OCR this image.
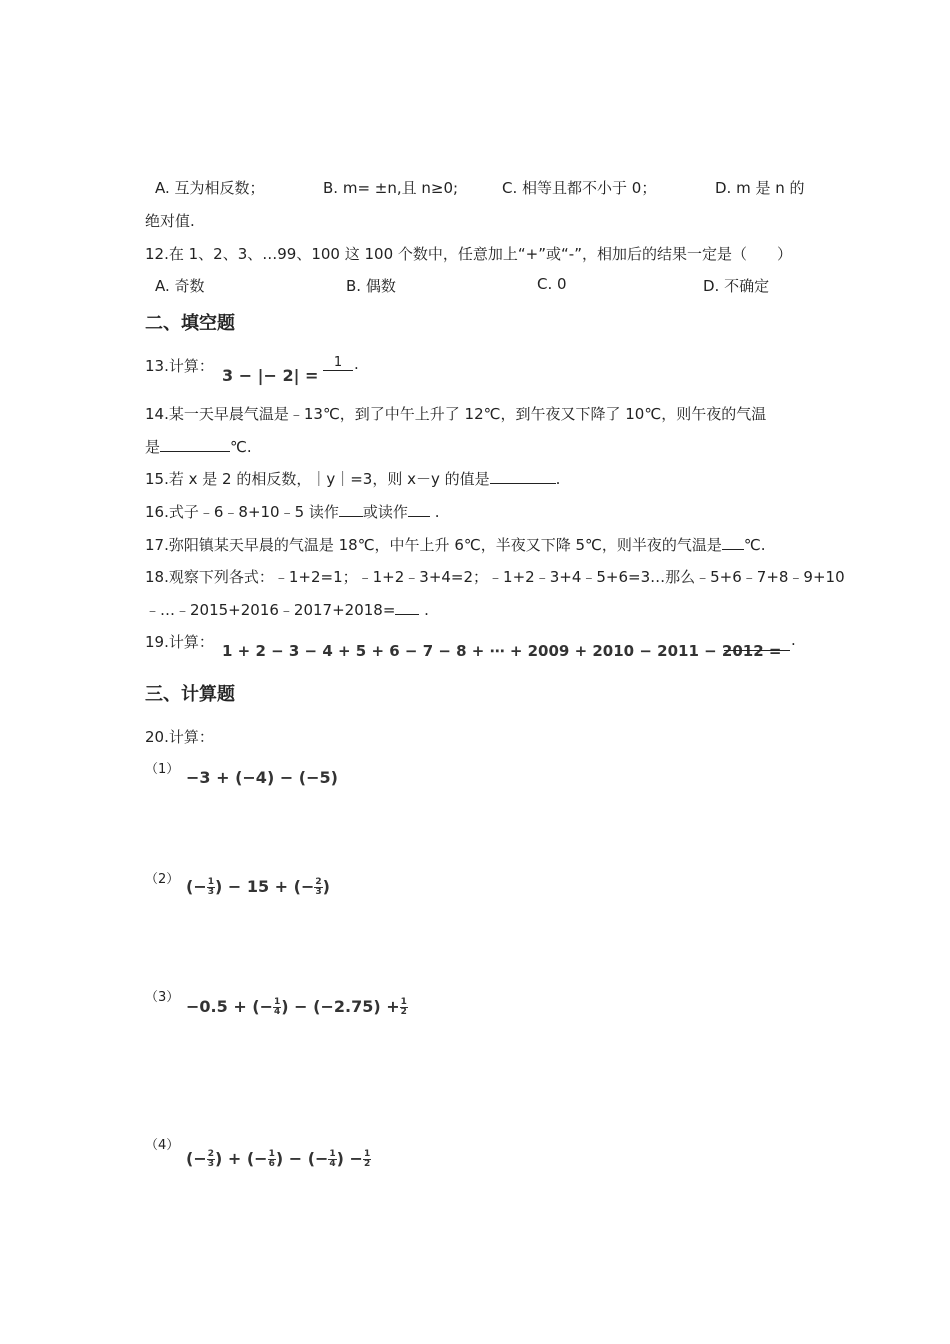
A. 互为相反数；	B. m= ±n,且 n≥0;	C. 相等且都不小于 0；	D. m 是 n 的
绝对值.
12.在 1、2、3、…99、100 这 100 个数中，任意加上“+”或“-”，相加后的结果一定是（　　）
A. 奇数	B. 偶数	C. 0	D. 不确定
二、填空题
13.计算： 3 − |− 2| =
1 .
14.某一天早晨气温是﹣13℃，到了中午上升了 12℃，到午夜又下降了 10℃，则午夜的气温
是	℃.
15.若 x 是 2 的相反数，｜y｜=3，则 x－y 的值是	.
16.式子﹣6﹣8+10﹣5 读作 或读作 .
17.弥阳镇某天早晨的气温是 18℃，中午上升 6℃，半夜又下降 5℃，则半夜的气温是 ℃.
18.观察下列各式：﹣1+2=1；﹣1+2﹣3+4=2；﹣1+2﹣3+4﹣5+6=3…那么﹣5+6﹣7+8﹣9+10
﹣…﹣2015+2016﹣2017+2018= .
19.计算： 1 + 2 − 3 − 4 + 5 + 6 − 7 − 8 + ⋯ + 2009 + 2010 − 2011 − 2012 =
.
三、计算题
20.计算：
（1） −3 + (−4) − (−5)
（2） (− $\frac{1}{3}$ ) − 15 + (− $\frac{2}{3}$ )
（3） −0.5 + (− $\frac{1}{4}$ ) − $(-2.75) + \frac{1}{2}$
（4）
(− $\frac{2}{3}$ ) + (− $\frac{1}{6}$ ) − (− $\frac{1}{4}$ ) − $\frac{1}{2}$
